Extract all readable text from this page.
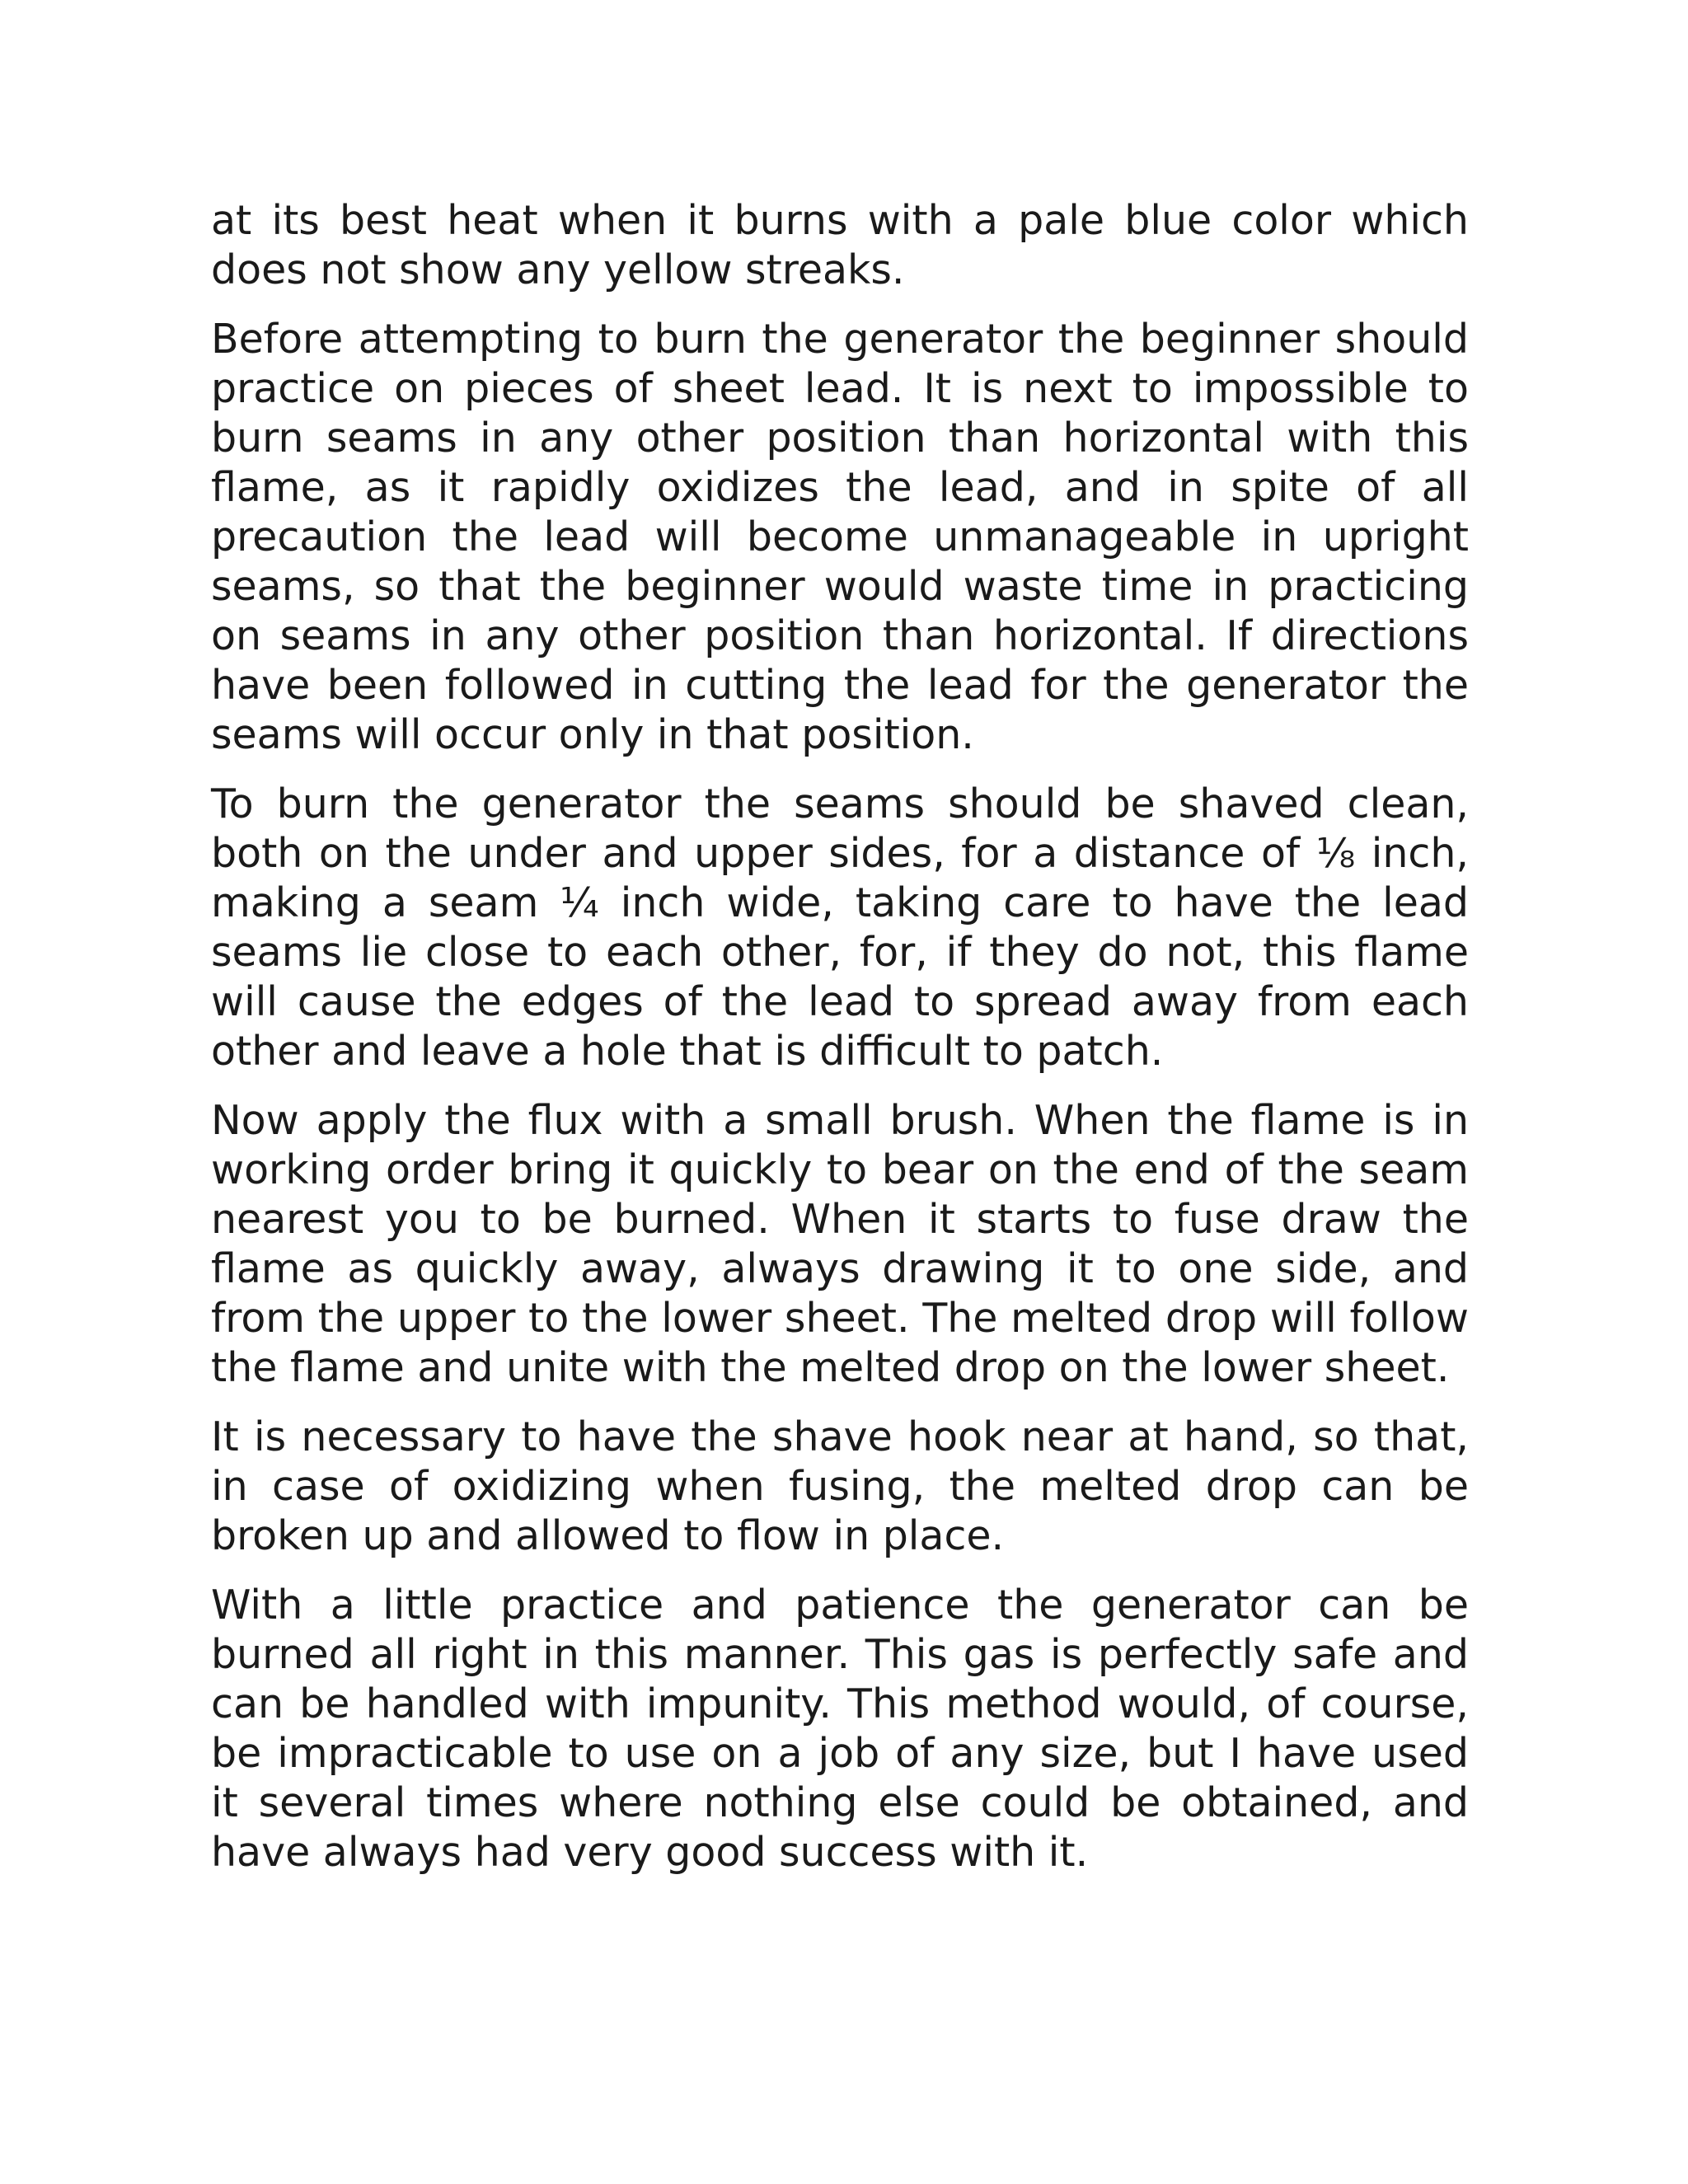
at its best heat when it burns with a pale blue color which does not show any yellow streaks.

Before attempting to burn the generator the beginner should practice on pieces of sheet lead. It is next to impossible to burn seams in any other position than horizontal with this flame, as it rapidly oxidizes the lead, and in spite of all precaution the lead will become unmanageable in upright seams, so that the beginner would waste time in practicing on seams in any other position than horizontal. If directions have been followed in cutting the lead for the generator the seams will occur only in that position.

To burn the generator the seams should be shaved clean, both on the under and upper sides, for a distance of ⅛ inch, making a seam ¼ inch wide, taking care to have the lead seams lie close to each other, for, if they do not, this flame will cause the edges of the lead to spread away from each other and leave a hole that is difficult to patch.

Now apply the flux with a small brush. When the flame is in working order bring it quickly to bear on the end of the seam nearest you to be burned. When it starts to fuse draw the flame as quickly away, always drawing it to one side, and from the upper to the lower sheet. The melted drop will follow the flame and unite with the melted drop on the lower sheet.

It is necessary to have the shave hook near at hand, so that, in case of oxidizing when fusing, the melted drop can be broken up and allowed to flow in place.

With a little practice and patience the generator can be burned all right in this manner. This gas is perfectly safe and can be handled with impunity. This method would, of course, be impracticable to use on a job of any size, but I have used it several times where nothing else could be obtained, and have always had very good success with it.
